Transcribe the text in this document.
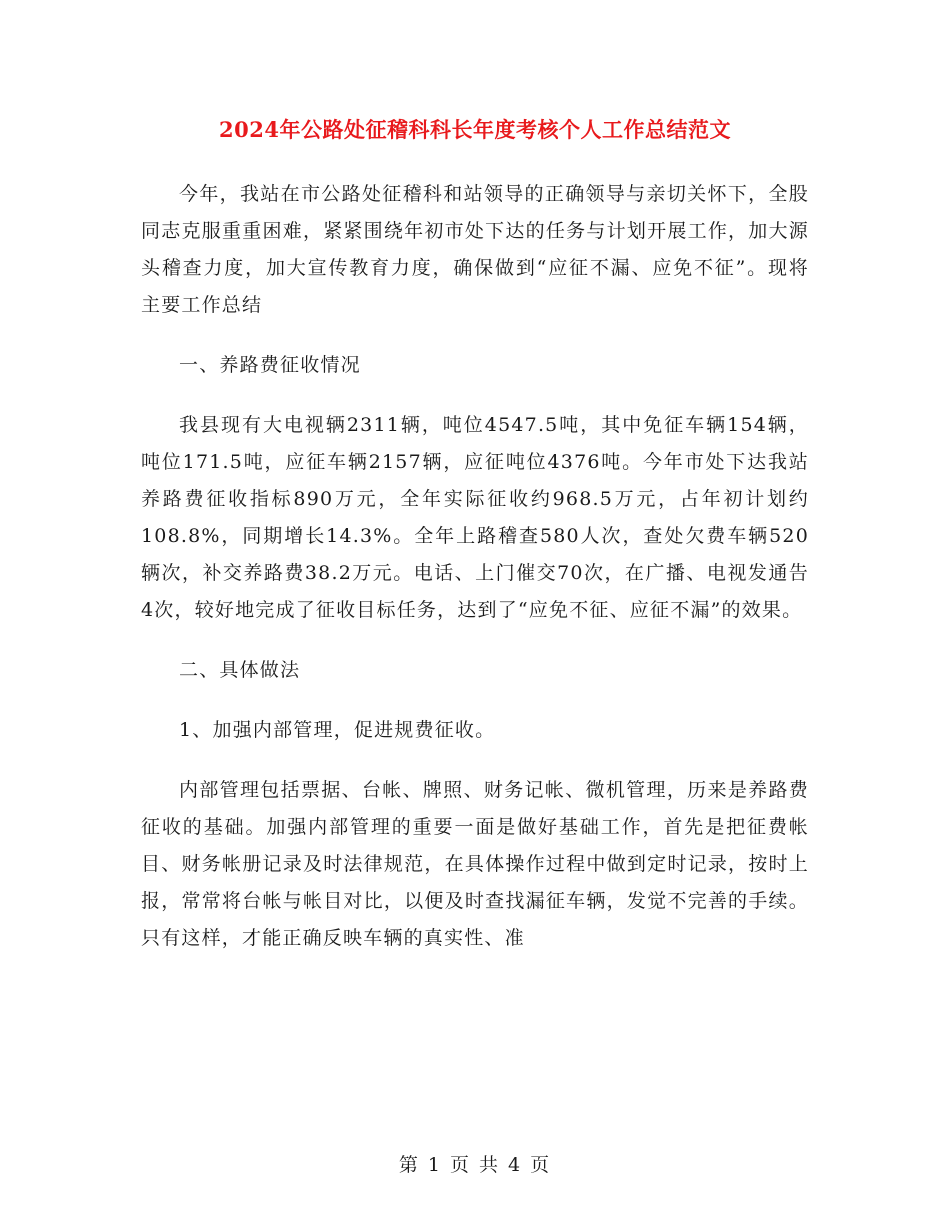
2024年公路处征稽科科长年度考核个人工作总结范文

今年，我站在市公路处征稽科和站领导的正确领导与亲切关怀下，全股同志克服重重困难，紧紧围绕年初市处下达的任务与计划开展工作，加大源头稽查力度，加大宣传教育力度，确保做到“应征不漏、应免不征”。现将主要工作总结

一、养路费征收情况

我县现有大电视辆2311辆，吨位4547.5吨，其中免征车辆154辆，吨位171.5吨，应征车辆2157辆，应征吨位4376吨。今年市处下达我站养路费征收指标890万元，全年实际征收约968.5万元，占年初计划约108.8%，同期增长14.3%。全年上路稽查580人次，查处欠费车辆520辆次，补交养路费38.2万元。电话、上门催交70次，在广播、电视发通告4次，较好地完成了征收目标任务，达到了“应免不征、应征不漏”的效果。

二、具体做法

1、加强内部管理，促进规费征收。

内部管理包括票据、台帐、牌照、财务记帐、微机管理，历来是养路费征收的基础。加强内部管理的重要一面是做好基础工作，首先是把征费帐目、财务帐册记录及时法律规范，在具体操作过程中做到定时记录，按时上报，常常将台帐与帐目对比，以便及时查找漏征车辆，发觉不完善的手续。只有这样，才能正确反映车辆的真实性、准

第 1 页 共 4 页
